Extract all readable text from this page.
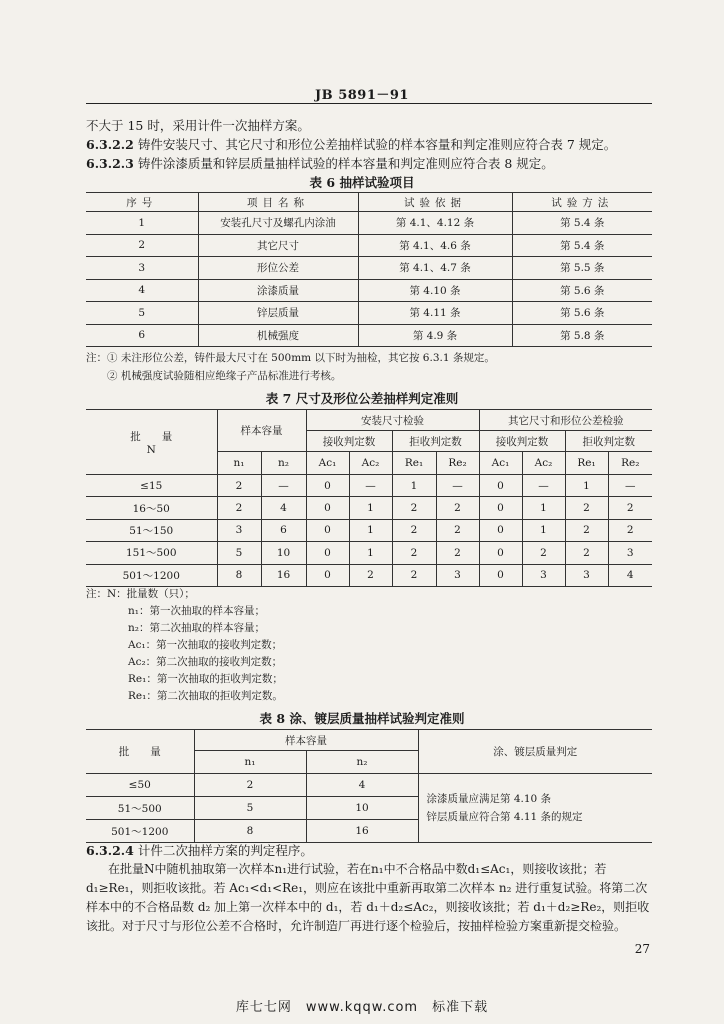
JB 5891－91
不大于 15 时，采用计件一次抽样方案。
6.3.2.2 铸件安装尺寸、其它尺寸和形位公差抽样试验的样本容量和判定准则应符合表 7 规定。
6.3.2.3 铸件涂漆质量和锌层质量抽样试验的样本容量和判定准则应符合表 8 规定。
表 6 抽样试验项目
序号	项目名称	试验依据	试验方法
1	安装孔尺寸及螺孔内涂油	第 4.1、4.12 条	第 5.4 条
2	其它尺寸	第 4.1、4.6 条	第 5.4 条
3	形位公差	第 4.1、4.7 条	第 5.5 条
4	涂漆质量	第 4.10 条	第 5.6 条
5	锌层质量	第 4.11 条	第 5.6 条
6	机械强度	第 4.9 条	第 5.8 条
注：① 未注形位公差，铸件最大尺寸在 500mm 以下时为抽检，其它按 6.3.1 条规定。
② 机械强度试验随相应绝缘子产品标准进行考核。
表 7 尺寸及形位公差抽样判定准则
批　　量
N	样本容量		安装尺寸检验				其它尺寸和形位公差检验			
			接收判定数		拒收判定数		接收判定数		拒收判定数	
	n₁	n₂	Ac₁	Ac₂	Re₁	Re₂	Ac₁	Ac₂	Re₁	Re₂
≤15	2	—	0	—	1	—	0	—	1	—
16～50	2	4	0	1	2	2	0	1	2	2
51～150	3	6	0	1	2	2	0	1	2	2
151～500	5	10	0	1	2	2	0	2	2	3
501～1200	8	16	0	2	2	3	0	3	3	4
注：N：批量数（只）；
n₁：第一次抽取的样本容量；
n₂：第二次抽取的样本容量；
Ac₁：第一次抽取的接收判定数；
Ac₂：第二次抽取的接收判定数；
Re₁：第一次抽取的拒收判定数；
Re₁：第二次抽取的拒收判定数。
表 8 涂、镀层质量抽样试验判定准则
批　　量	样本容量		涂、镀层质量判定
	n₁	n₂	
≤50	2	4	涂漆质量应满足第 4.10 条
锌层质量应符合第 4.11 条的规定
51～500	5	10	
501～1200	8	16	
6.3.2.4 计件二次抽样方案的判定程序。
在批量N中随机抽取第一次样本n₁进行试验，若在n₁中不合格品中数d₁≤Ac₁，则接收该批；若
d₁≥Re₁，则拒收该批。若 Ac₁<d₁<Re₁，则应在该批中重新再取第二次样本 n₂ 进行重复试验。将第二次
样本中的不合格品数 d₂ 加上第一次样本中的 d₁，若 d₁＋d₂≤Ac₂，则接收该批；若 d₁＋d₂≥Re₂，则拒收
该批。对于尺寸与形位公差不合格时，允许制造厂再进行逐个检验后，按抽样检验方案重新提交检验。
27
库七七网　www.kqqw.com　标准下载
